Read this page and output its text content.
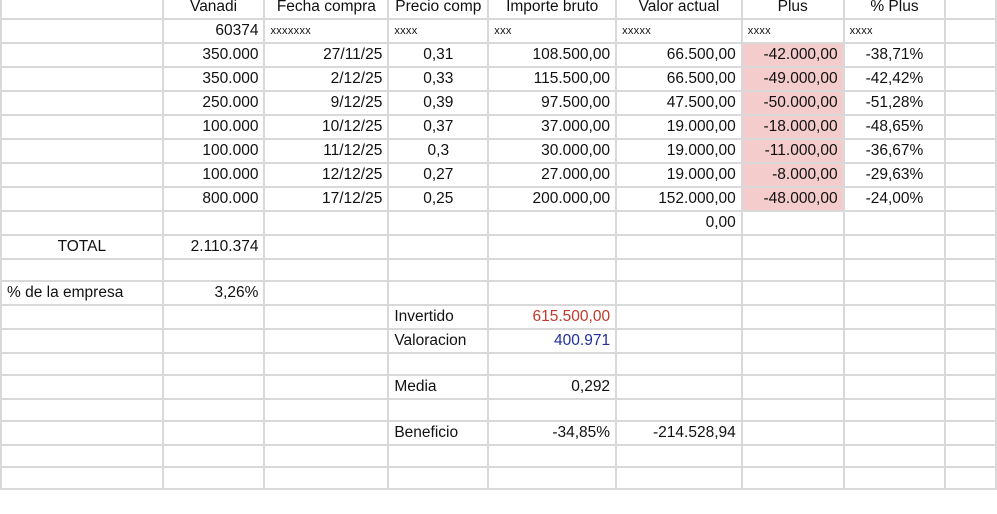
	Vanadi	Fecha compra	Precio comp	Importe bruto	Valor actual	Plus	% Plus	
	60374	xxxxxxx	xxxx	xxx	xxxxx	xxxx	xxxx	
	350.000	27/11/25	0,31	108.500,00	66.500,00	-42.000,00	-38,71%	
	350.000	2/12/25	0,33	115.500,00	66.500,00	-49.000,00	-42,42%	
	250.000	9/12/25	0,39	97.500,00	47.500,00	-50.000,00	-51,28%	
	100.000	10/12/25	0,37	37.000,00	19.000,00	-18.000,00	-48,65%	
	100.000	11/12/25	0,3	30.000,00	19.000,00	-11.000,00	-36,67%	
	100.000	12/12/25	0,27	27.000,00	19.000,00	-8.000,00	-29,63%	
	800.000	17/12/25	0,25	200.000,00	152.000,00	-48.000,00	-24,00%	
					0,00			
TOTAL	2.110.374							

% de la empresa	3,26%							
			Invertido	615.500,00				
			Valoracion	400.971				

			Media	0,292				

			Beneficio	-34,85%	-214.528,94			
